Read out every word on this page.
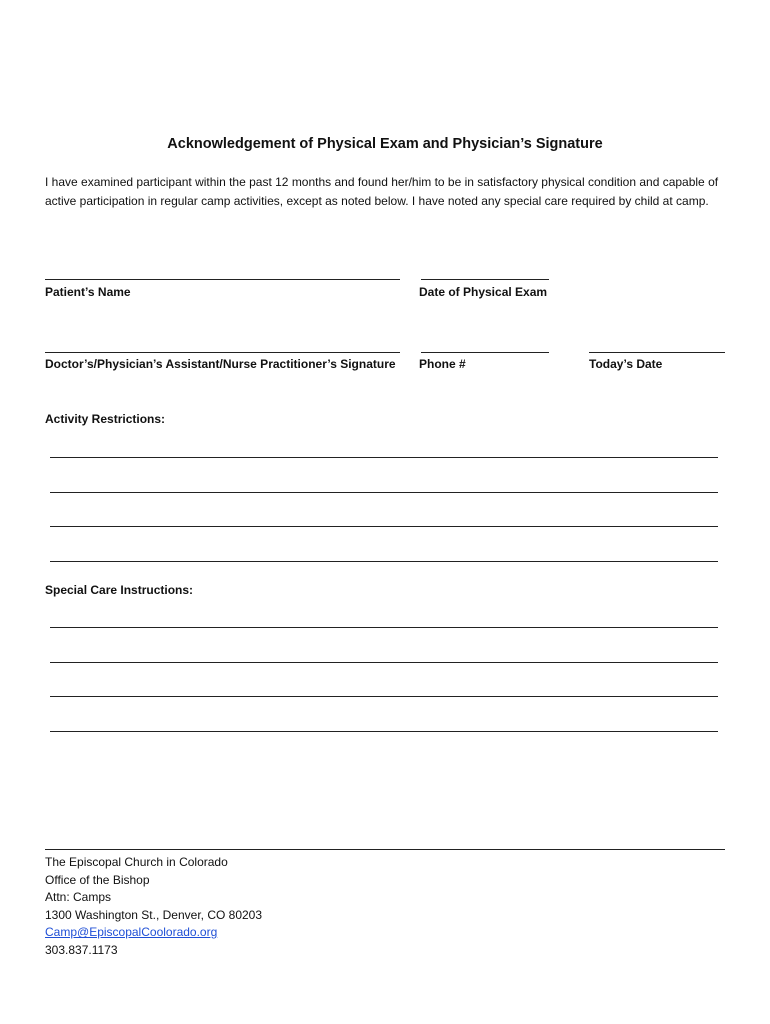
Acknowledgement of Physical Exam and Physician’s Signature
I have examined participant within the past 12 months and found her/him to be in satisfactory physical condition and capable of active participation in regular camp activities, except as noted below. I have noted any special care required by child at camp.
Patient’s Name	Date of Physical Exam
Doctor’s/Physician’s Assistant/Nurse Practitioner’s Signature Phone #	Today’s Date
Activity Restrictions:
Special Care Instructions:
The Episcopal Church in Colorado
Office of the Bishop
Attn: Camps
1300 Washington St., Denver, CO 80203
Camp@EpiscopalCoolorado.org
303.837.1173
